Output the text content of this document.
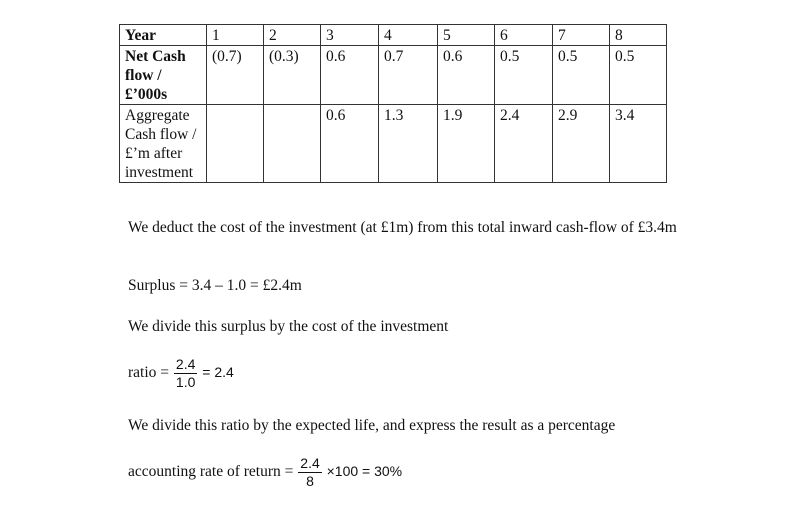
Year	1	2	3	4	5	6	7	8
Net Cash flow / £’000s	(0.7)	(0.3)	0.6	0.7	0.6	0.5	0.5	0.5
Aggregate Cash flow / £’m after investment			0.6	1.3	1.9	2.4	2.9	3.4
We deduct the cost of the investment (at £1m) from this total inward cash-flow of £3.4m
Surplus = 3.4 – 1.0 = £2.4m
We divide this surplus by the cost of the investment
ratio = $\frac{2.4}{1.0} = 2.4$
We divide this ratio by the expected life, and express the result as a percentage
accounting rate of return = $\frac{2.4}{8} \times 100 = 30\%$
